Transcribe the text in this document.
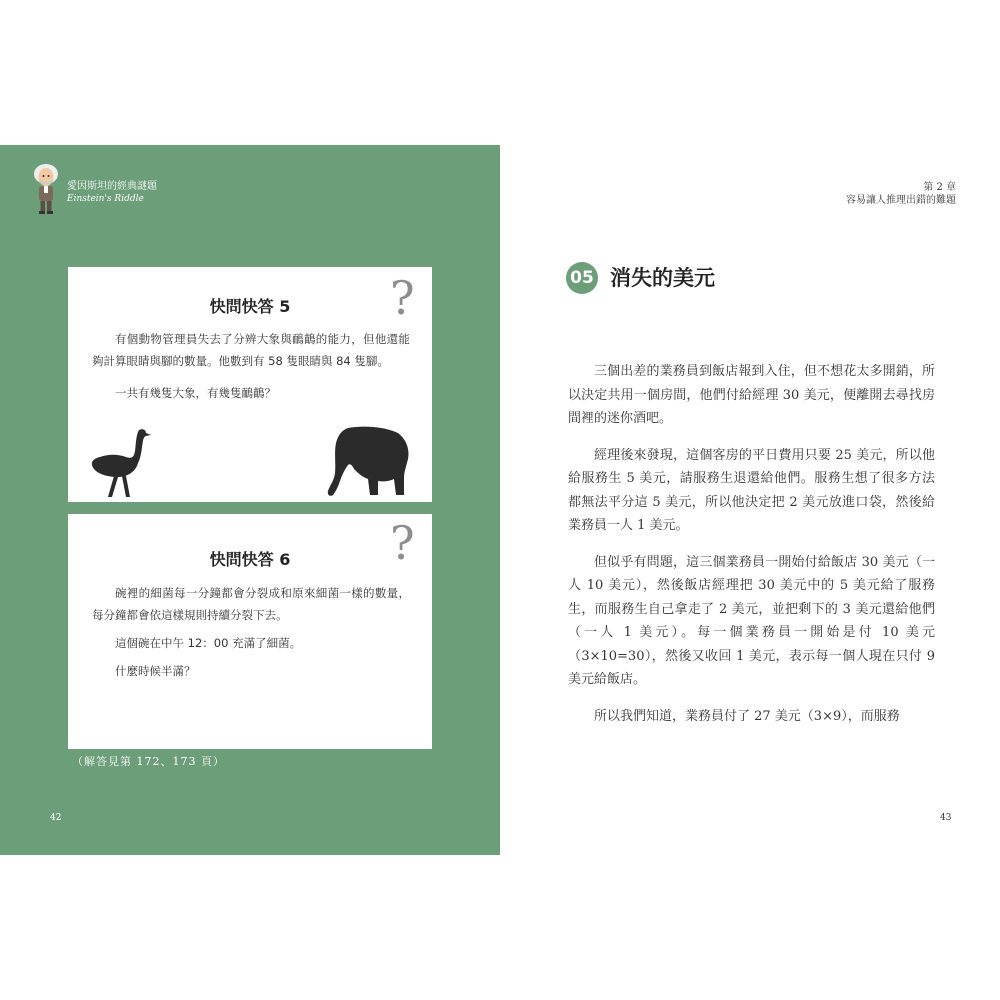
愛因斯坦的經典謎題
Einstein's Riddle
快問快答 5	?

有個動物管理員失去了分辨大象與鴯鶓的能力，但他還能夠計算眼睛與腳的數量。他數到有 58 隻眼睛與 84 隻腳。

一共有幾隻大象，有幾隻鴯鶓？

快問快答 6	?

碗裡的細菌每一分鐘都會分裂成和原來細菌一樣的數量，每分鐘都會依這樣規則持續分裂下去。

這個碗在中午 12：00 充滿了細菌。

什麼時候半滿？

（解答見第 172、173 頁）
42
第 2 章
容易讓人推理出錯的難題
05 消失的美元

三個出差的業務員到飯店報到入住，但不想花太多開銷，所以決定共用一個房間，他們付給經理 30 美元，便離開去尋找房間裡的迷你酒吧。

經理後來發現，這個客房的平日費用只要 25 美元，所以他給服務生 5 美元，請服務生退還給他們。服務生想了很多方法都無法平分這 5 美元，所以他決定把 2 美元放進口袋，然後給業務員一人 1 美元。

但似乎有問題，這三個業務員一開始付給飯店 30 美元（一人 10 美元），然後飯店經理把 30 美元中的 5 美元給了服務生，而服務生自己拿走了 2 美元，並把剩下的 3 美元還給他們（一人 1 美元）。每一個業務員一開始是付 10 美元（3×10=30），然後又收回 1 美元，表示每一個人現在只付 9 美元給飯店。

所以我們知道，業務員付了 27 美元（3×9），而服務

43
